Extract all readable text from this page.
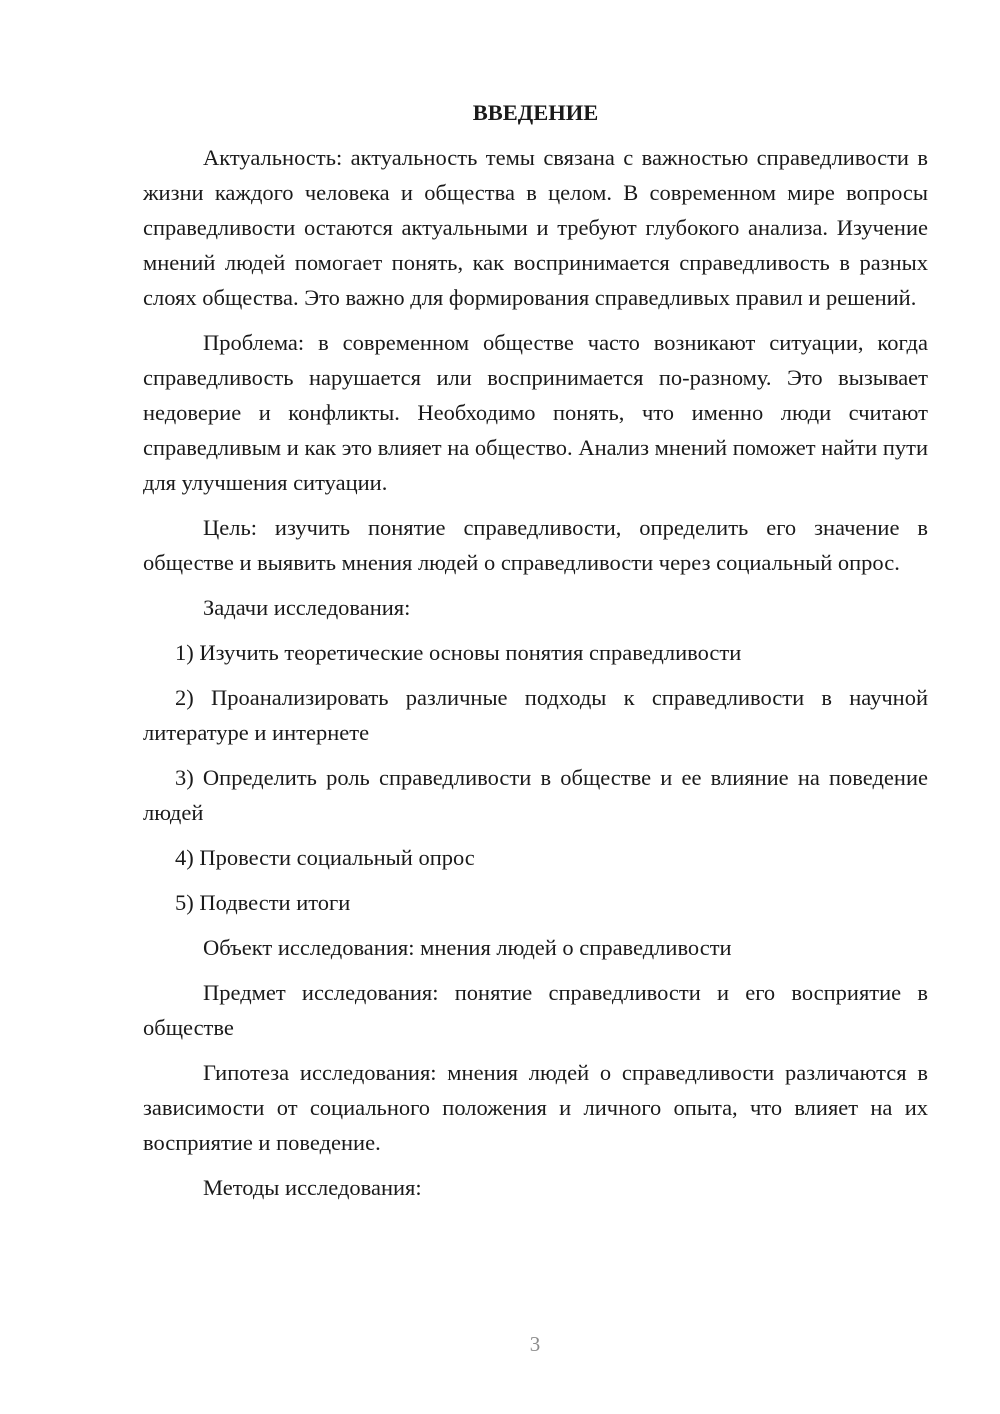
ВВЕДЕНИЕ

Актуальность: актуальность темы связана с важностью справедливости в жизни каждого человека и общества в целом. В современном мире вопросы справедливости остаются актуальными и требуют глубокого анализа. Изучение мнений людей помогает понять, как воспринимается справедливость в разных слоях общества. Это важно для формирования справедливых правил и решений.

Проблема: в современном обществе часто возникают ситуации, когда справедливость нарушается или воспринимается по-разному. Это вызывает недоверие и конфликты. Необходимо понять, что именно люди считают справедливым и как это влияет на общество. Анализ мнений поможет найти пути для улучшения ситуации.

Цель: изучить понятие справедливости, определить его значение в обществе и выявить мнения людей о справедливости через социальный опрос.

Задачи исследования:

1) Изучить теоретические основы понятия справедливости

2) Проанализировать различные подходы к справедливости в научной литературе и интернете

3) Определить роль справедливости в обществе и ее влияние на поведение людей

4) Провести социальный опрос

5) Подвести итоги

Объект исследования: мнения людей о справедливости

Предмет исследования: понятие справедливости и его восприятие в обществе

Гипотеза исследования: мнения людей о справедливости различаются в зависимости от социального положения и личного опыта, что влияет на их восприятие и поведение.

Методы исследования:

3
